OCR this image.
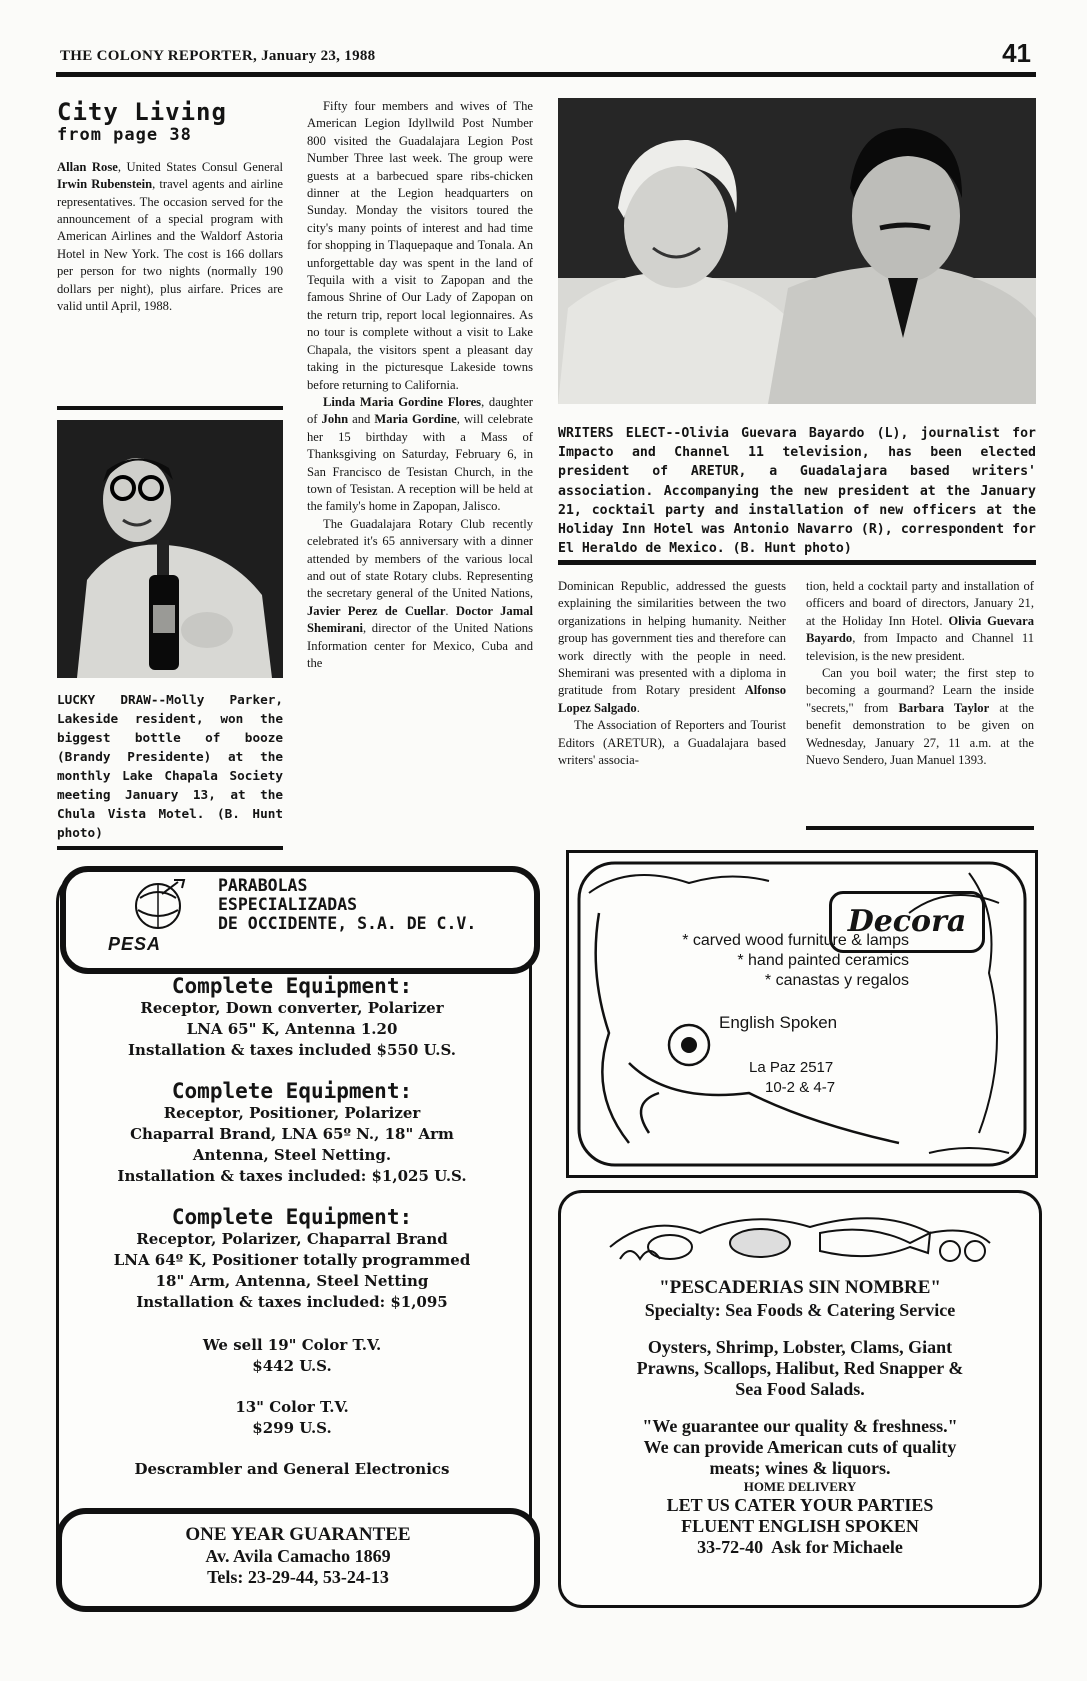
THE COLONY REPORTER, January 23, 1988	41
City Living
from page 38

Allan Rose, United States Consul General Irwin Rubenstein, travel agents and airline representatives. The occasion served for the announcement of a special program with American Airlines and the Waldorf Astoria Hotel in New York. The cost is 166 dollars per person for two nights (normally 190 dollars per night), plus airfare. Prices are valid until April, 1988.

LUCKY DRAW--Molly Parker, Lakeside resident, won the biggest bottle of booze (Brandy Presidente) at the monthly Lake Chapala Society meeting January 13, at the Chula Vista Motel. (B. Hunt photo)

Fifty four members and wives of The American Legion Idyllwild Post Number 800 visited the Guadalajara Legion Post Number Three last week. The group were guests at a barbecued spare ribs-chicken dinner at the Legion headquarters on Sunday. Monday the visitors toured the city's many points of interest and had time for shopping in Tlaquepaque and Tonala. An unforgettable day was spent in the land of Tequila with a visit to Zapopan and the famous Shrine of Our Lady of Zapopan on the return trip, report local legionnaires. As no tour is complete without a visit to Lake Chapala, the visitors spent a pleasant day taking in the picturesque Lakeside towns before returning to California.

Linda Maria Gordine Flores, daughter of John and Maria Gordine, will celebrate her 15 birthday with a Mass of Thanksgiving on Saturday, February 6, in San Francisco de Tesistan Church, in the town of Tesistan. A reception will be held at the family's home in Zapopan, Jalisco.

The Guadalajara Rotary Club recently celebrated it's 65 anniversary with a dinner attended by members of the various local and out of state Rotary clubs. Representing the secretary general of the United Nations, Javier Perez de Cuellar. Doctor Jamal Shemirani, director of the United Nations Information center for Mexico, Cuba and the

WRITERS ELECT--Olivia Guevara Bayardo (L), journalist for Impacto and Channel 11 television, has been elected president of ARETUR, a Guadalajara based writers' association. Accompanying the new president at the January 21, cocktail party and installation of new officers at the Holiday Inn Hotel was Antonio Navarro (R), correspondent for El Heraldo de Mexico. (B. Hunt photo)

Dominican Republic, addressed the guests explaining the similarities between the two organizations in helping humanity. Neither group has government ties and therefore can work directly with the people in need. Shemirani was presented with a diploma in gratitude from Rotary president Alfonso Lopez Salgado.

The Association of Reporters and Tourist Editors (ARETUR), a Guadalajara based writers' associa-

tion, held a cocktail party and installation of officers and board of directors, January 21, at the Holiday Inn Hotel. Olivia Guevara Bayardo, from Impacto and Channel 11 television, is the new president.

Can you boil water; the first step to becoming a gourmand? Learn the inside "secrets," from Barbara Taylor at the benefit demonstration to be given on Wednesday, January 27, 11 a.m. at the Nuevo Sendero, Juan Manuel 1393.

PARABOLAS
ESPECIALIZADAS
DE OCCIDENTE, S.A. DE C.V.
PESA
Complete Equipment:
Receptor, Down converter, Polarizer
LNA 65" K, Antenna 1.20
Installation & taxes included $550 U.S.
Complete Equipment:
Receptor, Positioner, Polarizer
Chaparral Brand, LNA 65º N., 18" Arm
Antenna, Steel Netting.
Installation & taxes included: $1,025 U.S.
Complete Equipment:
Receptor, Polarizer, Chaparral Brand
LNA 64º K, Positioner totally programmed
18" Arm, Antenna, Steel Netting
Installation & taxes included: $1,095
We sell 19" Color T.V.
$442 U.S.
13" Color T.V.
$299 U.S.
Descrambler and General Electronics
ONE YEAR GUARANTEE
Av. Avila Camacho 1869
Tels: 23-29-44, 53-24-13
Decora
* carved wood furniture & lamps
* hand painted ceramics
* canastas y regalos
English Spoken
La Paz 2517
10-2 & 4-7
"PESCADERIAS SIN NOMBRE"
Specialty: Sea Foods & Catering Service
Oysters, Shrimp, Lobster, Clams, Giant
Prawns, Scallops, Halibut, Red Snapper &
Sea Food Salads.
"We guarantee our quality & freshness."
We can provide American cuts of quality
meats; wines & liquors.
HOME DELIVERY
LET US CATER YOUR PARTIES
FLUENT ENGLISH SPOKEN
33-72-40  Ask for Michaele
